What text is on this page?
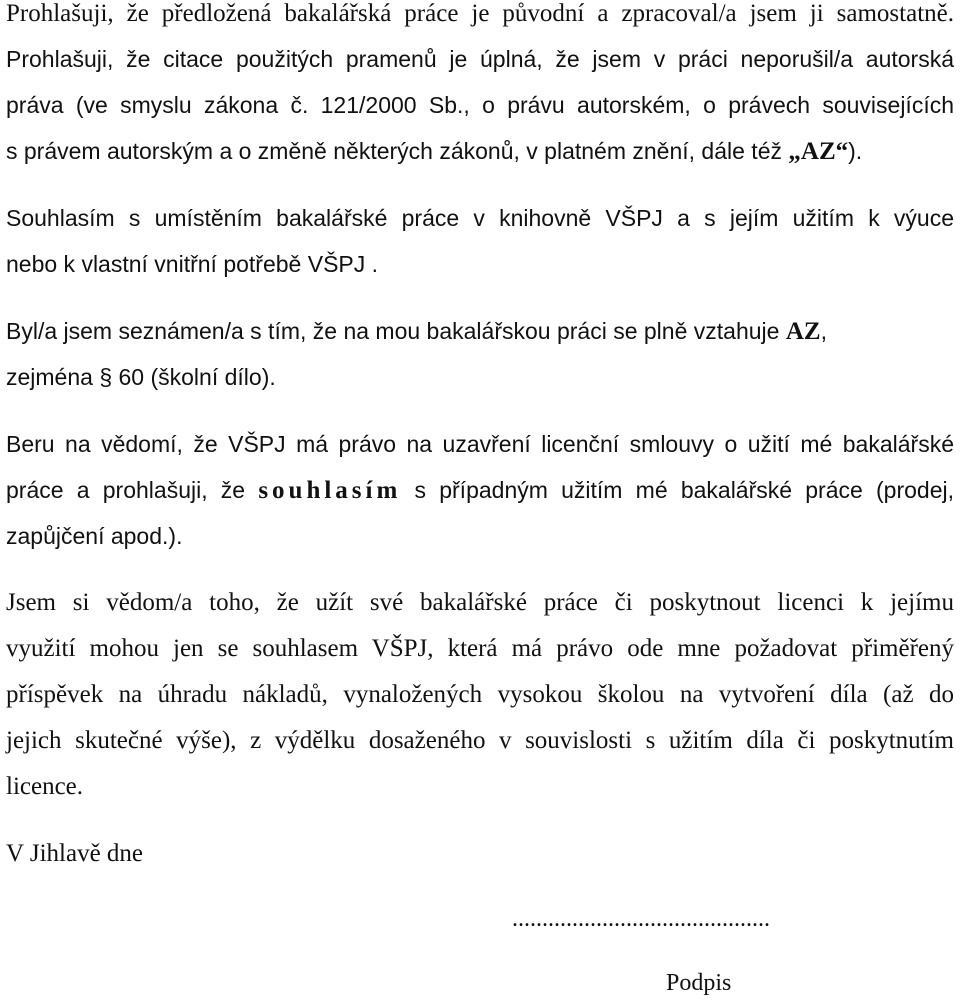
Prohlašuji, že předložená bakalářská práce je původní a zpracoval/a jsem ji samostatně.
Prohlašuji, že citace použitých pramenů je úplná, že jsem v práci neporušil/a autorská
práva (ve smyslu zákona č. 121/2000 Sb., o právu autorském, o právech souvisejících
s právem autorským a o změně některých zákonů, v platném znění, dále též „AZ“).
Souhlasím s umístěním bakalářské práce v knihovně VŠPJ a s jejím užitím k výuce
nebo k vlastní vnitřní potřebě VŠPJ .
Byl/a jsem seznámen/a s tím, že na mou bakalářskou práci se plně vztahuje AZ,
zejména § 60 (školní dílo).
Beru na vědomí, že VŠPJ má právo na uzavření licenční smlouvy o užití mé bakalářské
práce a prohlašuji, že souhlasím s případným užitím mé bakalářské práce (prodej,
zapůjčení apod.).
Jsem si vědom/a toho, že užít své bakalářské práce či poskytnout licenci k jejímu
využití mohou jen se souhlasem VŠPJ, která má právo ode mne požadovat přiměřený
příspěvek na úhradu nákladů, vynaložených vysokou školou na vytvoření díla (až do
jejich skutečné výše), z výdělku dosaženého v souvislosti s užitím díla či poskytnutím
licence.
V Jihlavě dne
...........................................
Podpis
